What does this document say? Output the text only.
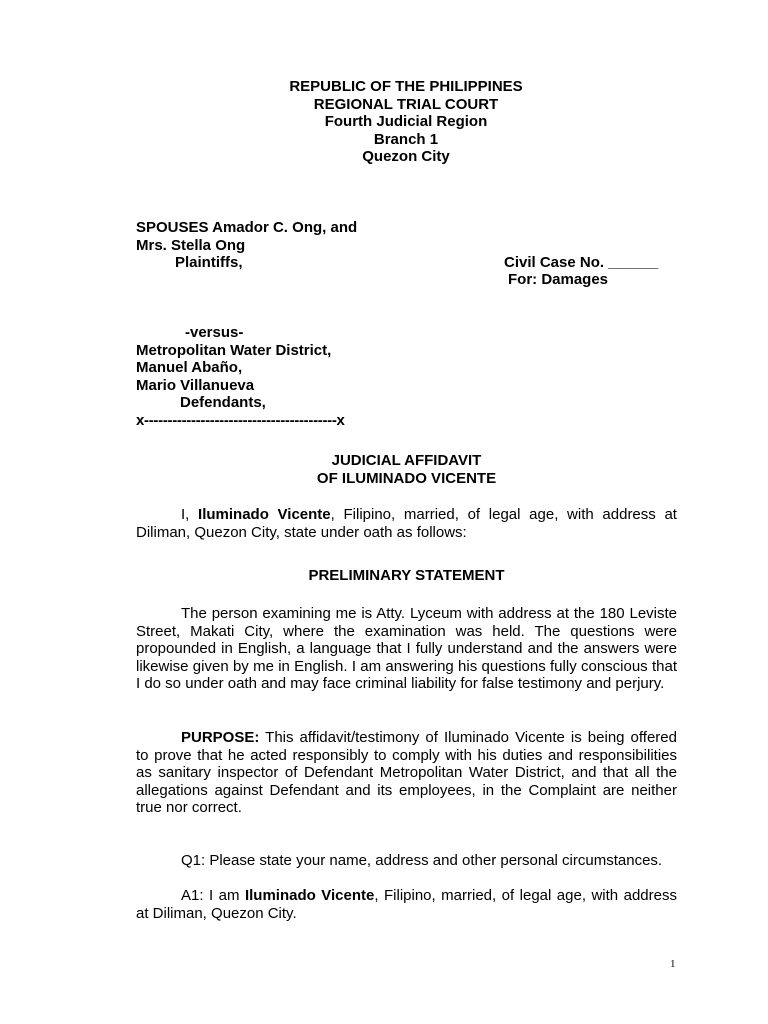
REPUBLIC OF THE PHILIPPINES
REGIONAL TRIAL COURT
Fourth Judicial Region
Branch 1
Quezon City
SPOUSES Amador C. Ong, and
Mrs. Stella Ong
Plaintiffs,	Civil Case No. ______
For: Damages
-versus-
Metropolitan Water District,
Manuel Abaño,
Mario Villanueva
Defendants,
x-----------------------------------------x
JUDICIAL AFFIDAVIT
OF ILUMINADO VICENTE
I, Iluminado Vicente, Filipino, married, of legal age, with address at Diliman, Quezon City, state under oath as follows:
PRELIMINARY STATEMENT
The person examining me is Atty. Lyceum with address at the 180 Leviste Street, Makati City, where the examination was held. The questions were propounded in English, a language that I fully understand and the answers were likewise given by me in English. I am answering his questions fully conscious that I do so under oath and may face criminal liability for false testimony and perjury.
PURPOSE: This affidavit/testimony of Iluminado Vicente is being offered to prove that he acted responsibly to comply with his duties and responsibilities as sanitary inspector of Defendant Metropolitan Water District, and that all the allegations against Defendant and its employees, in the Complaint are neither true nor correct.
Q1: Please state your name, address and other personal circumstances.
A1: I am Iluminado Vicente, Filipino, married, of legal age, with address at Diliman, Quezon City.
1
